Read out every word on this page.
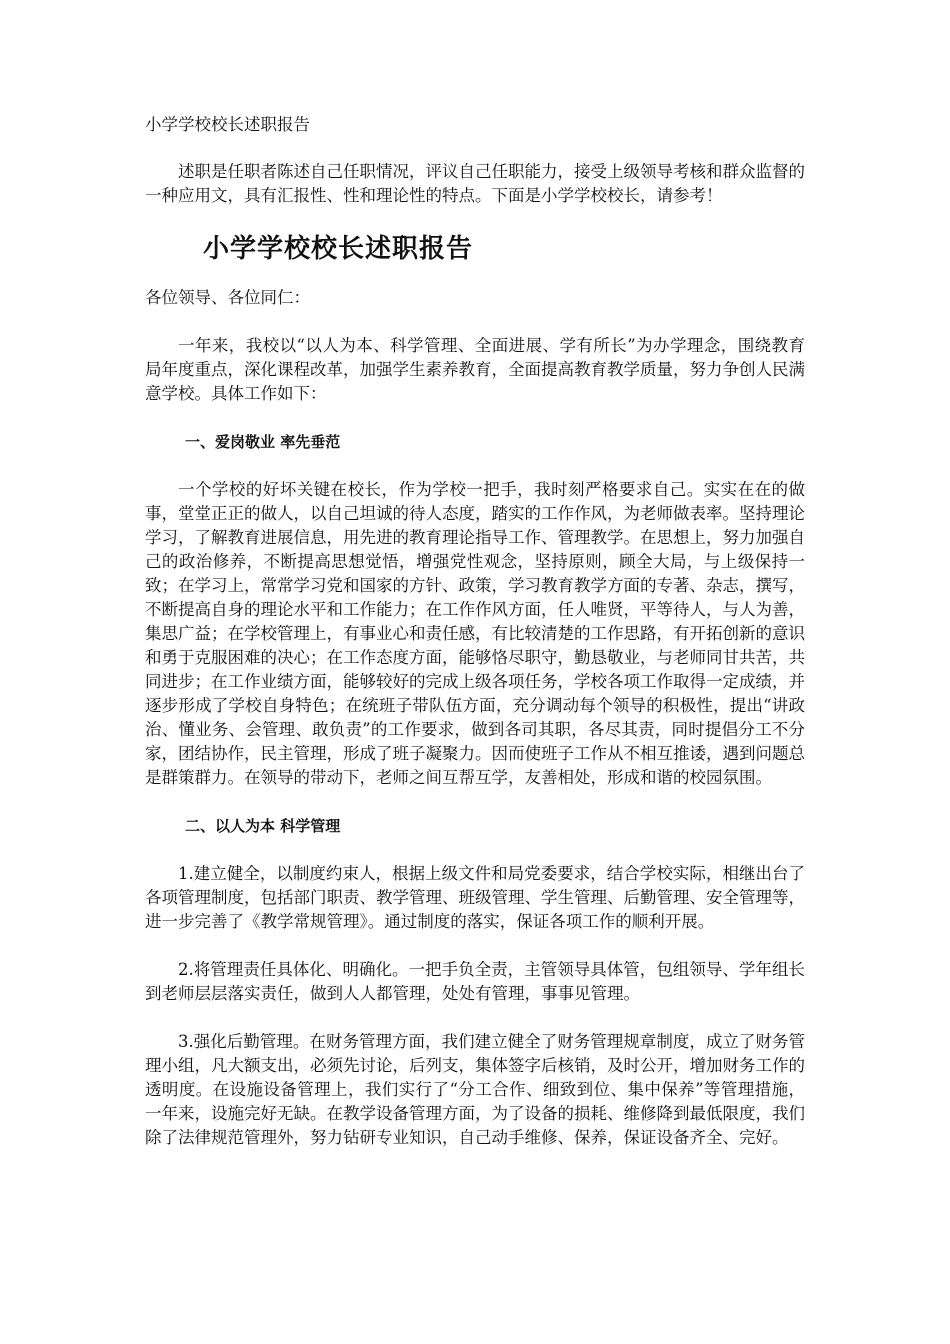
小学学校校长述职报告

述职是任职者陈述自己任职情况，评议自己任职能力，接受上级领导考核和群众监督的一种应用文，具有汇报性、性和理论性的特点。下面是小学学校校长，请参考！

小学学校校长述职报告

各位领导、各位同仁：

一年来，我校以“以人为本、科学管理、全面进展、学有所长”为办学理念，围绕教育局年度重点，深化课程改革，加强学生素养教育，全面提高教育教学质量，努力争创人民满意学校。具体工作如下：

一、爱岗敬业 率先垂范

一个学校的好坏关键在校长，作为学校一把手，我时刻严格要求自己。实实在在的做事，堂堂正正的做人，以自己坦诚的待人态度，踏实的工作作风，为老师做表率。坚持理论学习，了解教育进展信息，用先进的教育理论指导工作、管理教学。在思想上，努力加强自己的政治修养，不断提高思想觉悟，增强党性观念，坚持原则，顾全大局，与上级保持一致；在学习上，常常学习党和国家的方针、政策，学习教育教学方面的专著、杂志，撰写，不断提高自身的理论水平和工作能力；在工作作风方面，任人唯贤，平等待人，与人为善，集思广益；在学校管理上，有事业心和责任感，有比较清楚的工作思路，有开拓创新的意识和勇于克服困难的决心；在工作态度方面，能够恪尽职守，勤恳敬业，与老师同甘共苦，共同进步；在工作业绩方面，能够较好的完成上级各项任务，学校各项工作取得一定成绩，并逐步形成了学校自身特色；在统班子带队伍方面，充分调动每个领导的积极性，提出“讲政治、懂业务、会管理、敢负责”的工作要求，做到各司其职，各尽其责，同时提倡分工不分家，团结协作，民主管理，形成了班子凝聚力。因而使班子工作从不相互推诿，遇到问题总是群策群力。在领导的带动下，老师之间互帮互学，友善相处，形成和谐的校园氛围。

二、以人为本 科学管理

1.建立健全，以制度约束人，根据上级文件和局党委要求，结合学校实际，相继出台了各项管理制度，包括部门职责、教学管理、班级管理、学生管理、后勤管理、安全管理等，进一步完善了《教学常规管理》。通过制度的落实，保证各项工作的顺利开展。

2.将管理责任具体化、明确化。一把手负全责，主管领导具体管，包组领导、学年组长到老师层层落实责任，做到人人都管理，处处有管理，事事见管理。

3.强化后勤管理。在财务管理方面，我们建立健全了财务管理规章制度，成立了财务管理小组，凡大额支出，必须先讨论，后列支，集体签字后核销，及时公开，增加财务工作的透明度。在设施设备管理上，我们实行了“分工合作、细致到位、集中保养”等管理措施，一年来，设施完好无缺。在教学设备管理方面，为了设备的损耗、维修降到最低限度，我们除了法律规范管理外，努力钻研专业知识，自己动手维修、保养，保证设备齐全、完好。
